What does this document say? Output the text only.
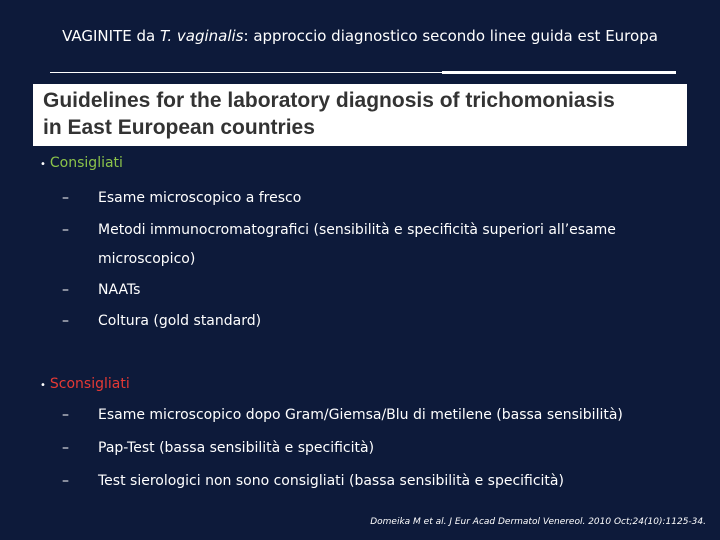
VAGINITE da T. vaginalis: approccio diagnostico secondo linee guida est Europa

Guidelines for the laboratory diagnosis of trichomoniasis

in East European countries

• Consigliati
– Esame microscopico a fresco
– Metodi immunocromatografici (sensibilità e specificità superiori all’esame
microscopico)
– NAATs
– Coltura (gold standard)
• Sconsigliati
– Esame microscopico dopo Gram/Giemsa/Blu di metilene (bassa sensibilità)
– Pap-Test (bassa sensibilità e specificità)
– Test sierologici non sono consigliati (bassa sensibilità e specificità)
Domeika M et al. J Eur Acad Dermatol Venereol. 2010 Oct;24(10):1125-34.
